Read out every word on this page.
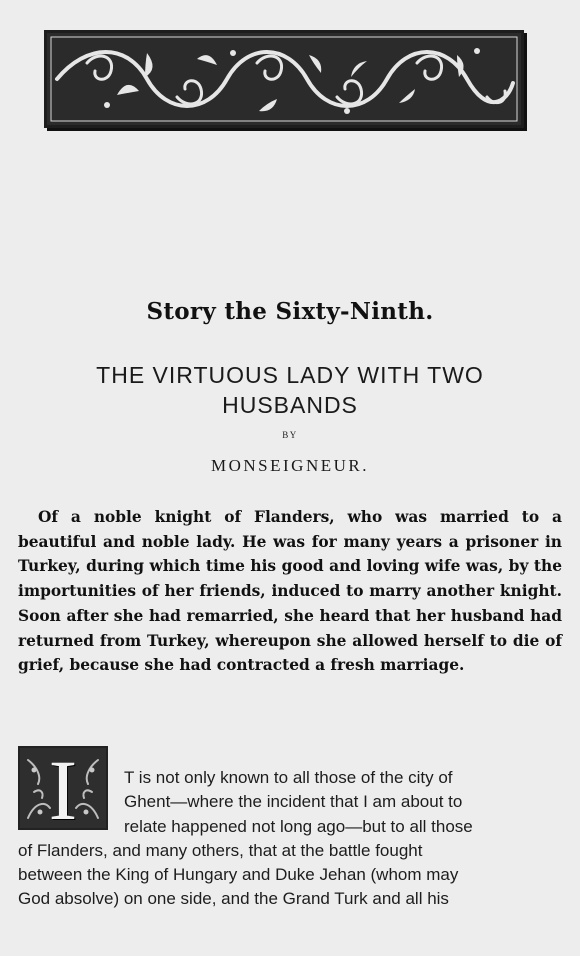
Story the Sixty-Ninth.
THE VIRTUOUS LADY WITH TWO HUSBANDS
BY
MONSEIGNEUR.
Of a noble knight of Flanders, who was married to a beautiful and noble lady. He was for many years a prisoner in Turkey, during which time his good and loving wife was, by the importunities of her friends, induced to marry another knight. Soon after she had remarried, she heard that her husband had returned from Turkey, whereupon she allowed herself to die of grief, because she had contracted a fresh marriage.
I	T is not only known to all those of the city of
Ghent—where the incident that I am about to
relate happened not long ago—but to all those
of Flanders, and many others, that at the battle fought
between the King of Hungary and Duke Jehan (whom may
God absolve) on one side, and the Grand Turk and all his
